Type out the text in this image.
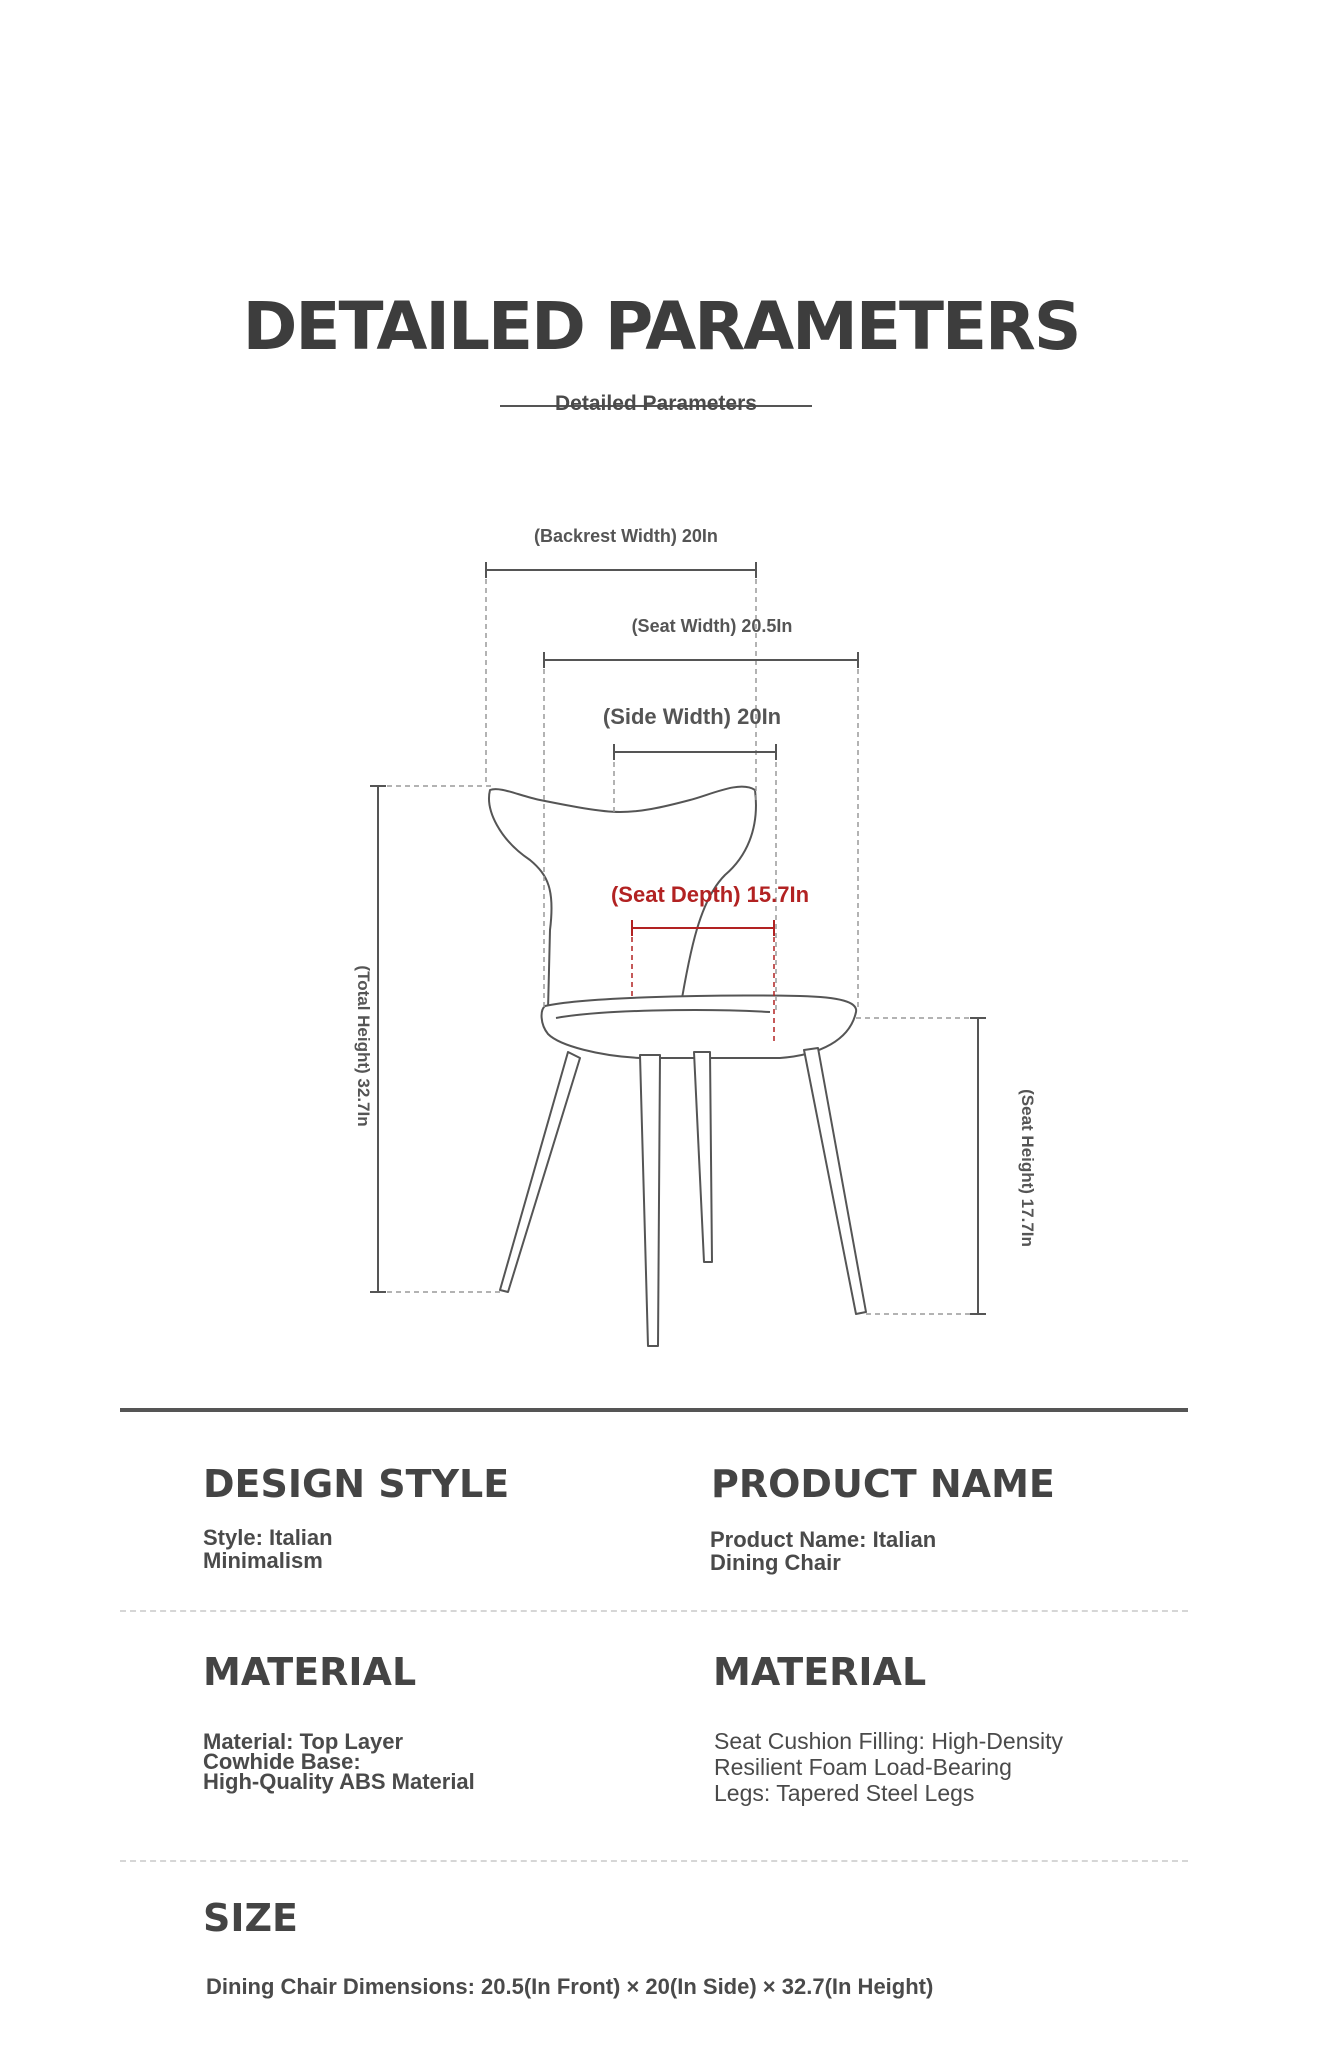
DETAILED PARAMETERS
Detailed Parameters
(Backrest Width) 20In
(Seat Width) 20.5In
(Side Width) 20In
(Seat Depth) 15.7In
(Total Height) 32.7In
(Seat Height) 17.7In
DESIGN STYLE
Style: Italian
Minimalism
PRODUCT NAME
Product Name: Italian
Dining Chair
MATERIAL
Material: Top Layer
Cowhide Base:
High-Quality ABS Material
MATERIAL
Seat Cushion Filling: High-Density
Resilient Foam Load-Bearing
Legs: Tapered Steel Legs
SIZE
Dining Chair Dimensions: 20.5(In Front) × 20(In Side) × 32.7(In Height)
